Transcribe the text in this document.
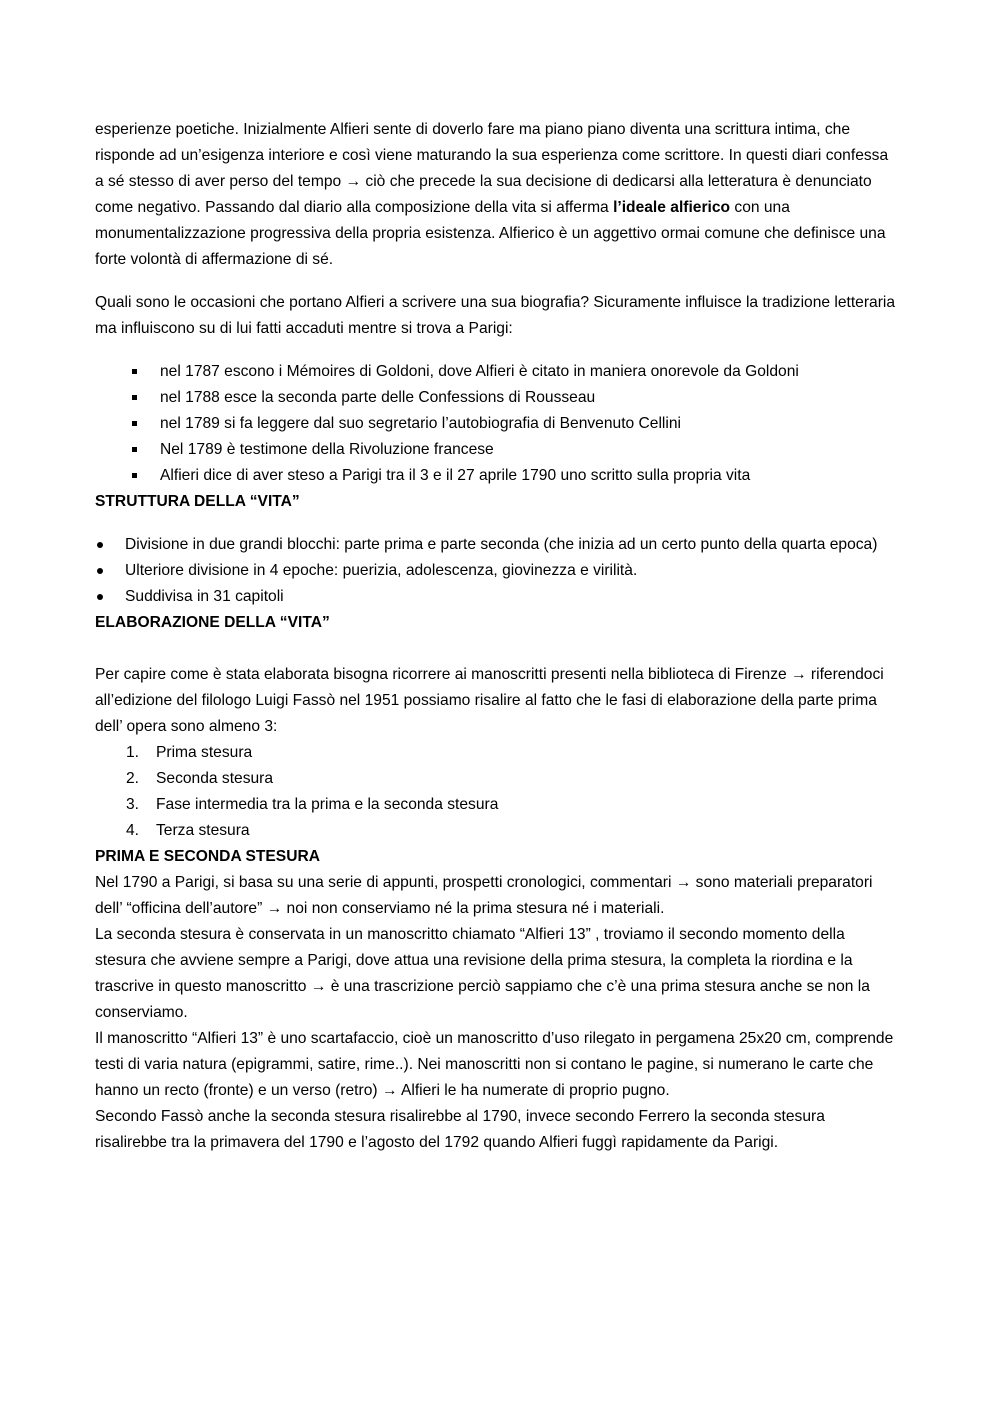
esperienze poetiche. Inizialmente Alfieri sente di doverlo fare ma piano piano diventa una scrittura intima, che risponde ad un’esigenza interiore e così viene maturando la sua esperienza come scrittore. In questi diari confessa a sé stesso di aver perso del tempo → ciò che precede la sua decisione di dedicarsi alla letteratura è denunciato come negativo. Passando dal diario alla composizione della vita si afferma l’ideale alfierico con una monumentalizzazione progressiva della propria esistenza. Alfierico è un aggettivo ormai comune che definisce una forte volontà di affermazione di sé.

Quali sono le occasioni che portano Alfieri a scrivere una sua biografia? Sicuramente influisce la tradizione letteraria ma influiscono su di lui fatti accaduti mentre si trova a Parigi:

nel 1787 escono i Mémoires di Goldoni, dove Alfieri è citato in maniera onorevole da Goldoni
nel 1788 esce la seconda parte delle Confessions di Rousseau
nel 1789 si fa leggere dal suo segretario l’autobiografia di Benvenuto Cellini
Nel 1789 è testimone della Rivoluzione francese
Alfieri dice di aver steso a Parigi tra il 3 e il 27 aprile 1790 uno scritto sulla propria vita

STRUTTURA DELLA “VITA”

Divisione in due grandi blocchi: parte prima e parte seconda (che inizia ad un certo punto della quarta epoca)
Ulteriore divisione in 4 epoche: puerizia, adolescenza, giovinezza e virilità.
Suddivisa in 31 capitoli

ELABORAZIONE DELLA “VITA”

Per capire come è stata elaborata bisogna ricorrere ai manoscritti presenti nella biblioteca di Firenze → riferendoci all’edizione del filologo Luigi Fassò nel 1951 possiamo risalire al fatto che le fasi di elaborazione della parte prima dell’ opera sono almeno 3:

1. Prima stesura
2. Seconda stesura
3. Fase intermedia tra la prima e la seconda stesura
4. Terza stesura

PRIMA E SECONDA STESURA

Nel 1790 a Parigi, si basa su una serie di appunti, prospetti cronologici, commentari → sono materiali preparatori dell’ “officina dell’autore” → noi non conserviamo né la prima stesura né i materiali.

La seconda stesura è conservata in un manoscritto chiamato “Alfieri 13” , troviamo il secondo momento della stesura che avviene sempre a Parigi, dove attua una revisione della prima stesura, la completa la riordina e la trascrive in questo manoscritto → è una trascrizione perciò sappiamo che c’è una prima stesura anche se non la conserviamo.

Il manoscritto “Alfieri 13” è uno scartafaccio, cioè un manoscritto d’uso rilegato in pergamena 25x20 cm, comprende testi di varia natura (epigrammi, satire, rime..). Nei manoscritti non si contano le pagine, si numerano le carte che hanno un recto (fronte) e un verso (retro) → Alfieri le ha numerate di proprio pugno.

Secondo Fassò anche la seconda stesura risalirebbe al 1790, invece secondo Ferrero la seconda stesura risalirebbe tra la primavera del 1790 e l’agosto del 1792 quando Alfieri fuggì rapidamente da Parigi.
